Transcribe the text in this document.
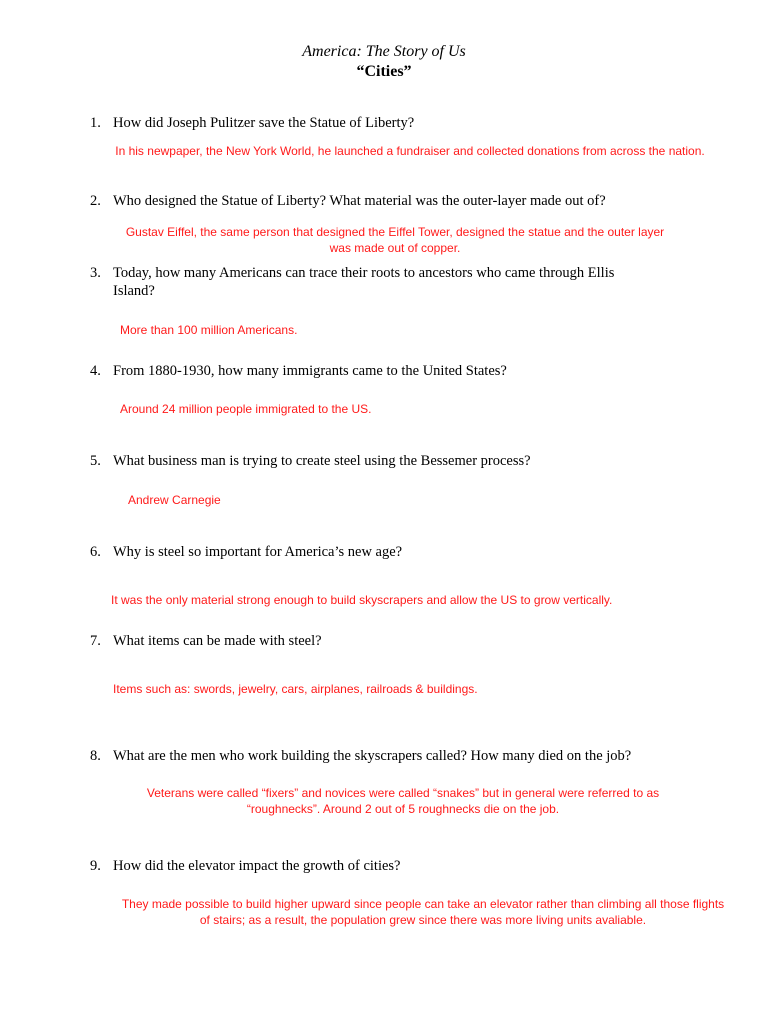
America: The Story of Us
“Cities”
1. How did Joseph Pulitzer save the Statue of Liberty?
In his newpaper, the New York World, he launched a fundraiser and collected donations from across the nation.
2. Who designed the Statue of Liberty? What material was the outer-layer made out of?
Gustav Eiffel, the same person that designed the Eiffel Tower, designed the statue and the outer layer was made out of copper.
3. Today, how many Americans can trace their roots to ancestors who came through Ellis Island?
More than 100 million Americans.
4. From 1880-1930, how many immigrants came to the United States?
Around 24 million people immigrated to the US.
5. What business man is trying to create steel using the Bessemer process?
Andrew Carnegie
6. Why is steel so important for America’s new age?
It was the only material strong enough to build skyscrapers and allow the US to grow vertically.
7. What items can be made with steel?
Items such as: swords, jewelry, cars, airplanes, railroads & buildings.
8. What are the men who work building the skyscrapers called? How many died on the job?
Veterans were called “fixers” and novices were called “snakes” but in general were referred to as “roughnecks”. Around 2 out of 5 roughnecks die on the job.
9. How did the elevator impact the growth of cities?
They made possible to build higher upward since people can take an elevator rather than climbing all those flights of stairs; as a result, the population grew since there was more living units avaliable.
